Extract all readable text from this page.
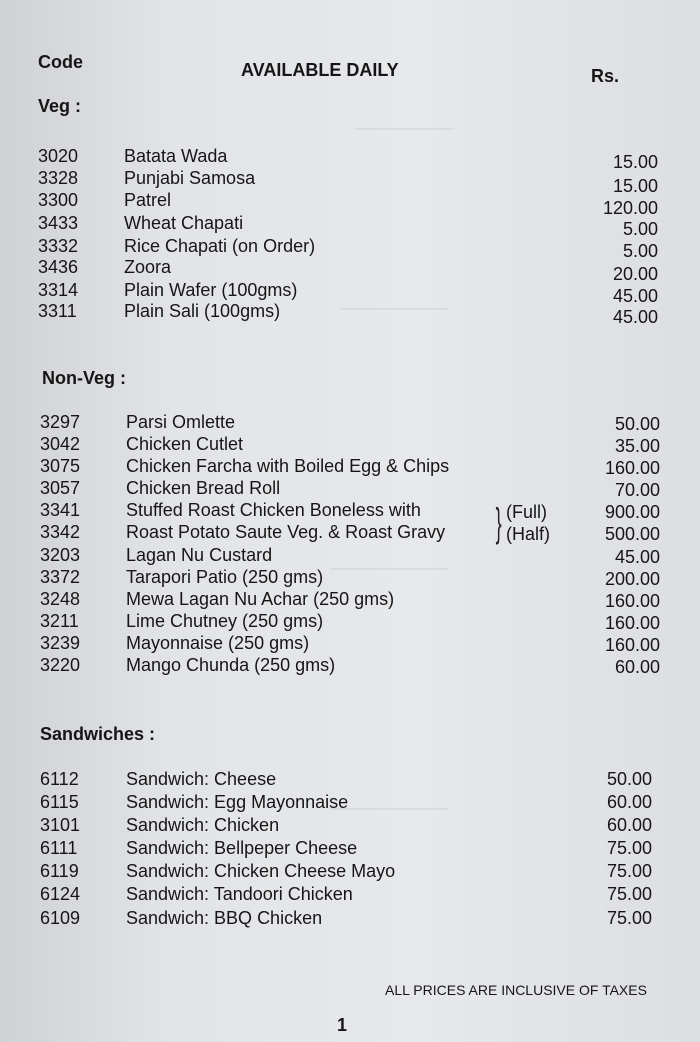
──────────
───────────
────────────
────────────
Code	AVAILABLE DAILY	Rs.
Veg :
3020	Batata Wada	15.00
3328	Punjabi Samosa	15.00
3300	Patrel	120.00
3433	Wheat Chapati	5.00
3332	Rice Chapati (on Order)	5.00
3436	Zoora	20.00
3314	Plain Wafer (100gms)	45.00
3311	Plain Sali (100gms)	45.00
Non-Veg :
3297	Parsi Omlette	50.00
3042	Chicken Cutlet	35.00
3075	Chicken Farcha with Boiled Egg & Chips	160.00
3057	Chicken Bread Roll	70.00
3341	Stuffed Roast Chicken Boneless with	900.00
3342	Roast Potato Saute Veg. & Roast Gravy	500.00
} (Full)
(Half)
3203	Lagan Nu Custard	45.00
3372	Tarapori Patio (250 gms)	200.00
3248	Mewa Lagan Nu Achar (250 gms)	160.00
3211	Lime Chutney (250 gms)	160.00
3239	Mayonnaise (250 gms)	160.00
3220	Mango Chunda (250 gms)	60.00
Sandwiches :
6112	Sandwich: Cheese	50.00
6115	Sandwich: Egg Mayonnaise	60.00
3101	Sandwich: Chicken	60.00
6111	Sandwich: Bellpeper Cheese	75.00
6119	Sandwich: Chicken Cheese Mayo	75.00
6124	Sandwich: Tandoori Chicken	75.00
6109	Sandwich: BBQ Chicken	75.00
ALL PRICES ARE INCLUSIVE OF TAXES
1
